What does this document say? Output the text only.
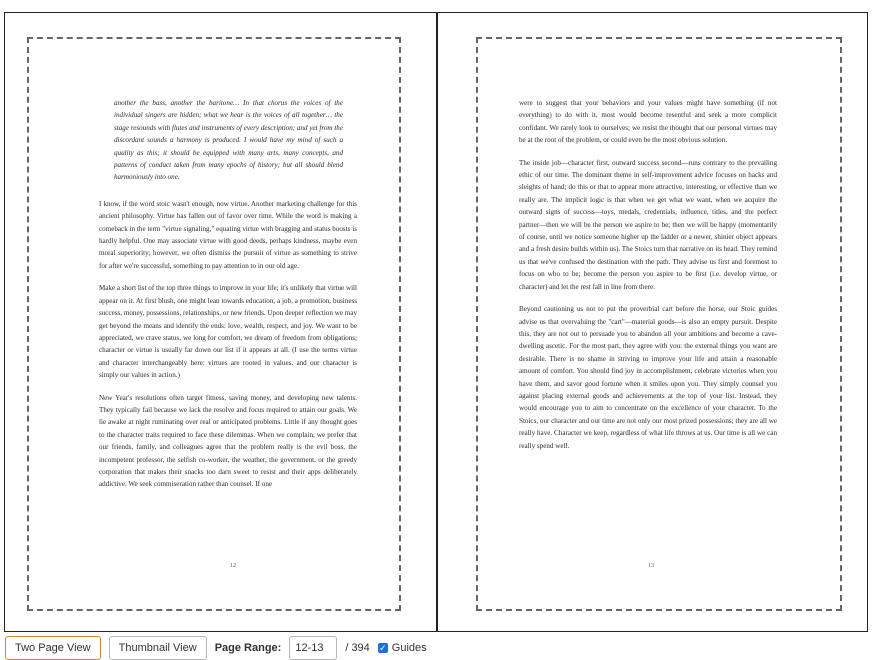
another the bass, another the baritone… In that chorus the voices of the individual singers are hidden; what we hear is the voices of all together… the stage resounds with flutes and instruments of every description; and yet from the discordant sounds a harmony is produced. I would have my mind of such a quality as this; it should be equipped with many arts, many concepts, and patterns of conduct taken from many epochs of history; but all should blend harmoniously into one.

I know, if the word stoic wasn't enough, now virtue. Another marketing challenge for this ancient philosophy. Virtue has fallen out of favor over time. While the word is making a comeback in the term "virtue signaling," equating virtue with bragging and status boosts is hardly helpful. One may associate virtue with good deeds, perhaps kindness, maybe even moral superiority; however, we often dismiss the pursuit of virtue as something to strive for after we're successful, something to pay attention to in our old age.

Make a short list of the top three things to improve in your life; it's unlikely that virtue will appear on it. At first blush, one might lean towards education, a job, a promotion, business success, money, possessions, relationships, or new friends. Upon deeper reflection we may get beyond the means and identify the ends: love, wealth, respect, and joy. We want to be appreciated, we crave status, we long for comfort, we dream of freedom from obligations; character or virtue is usually far down our list if it appears at all. (I use the terms virtue and character interchangeably here: virtues are rooted in values, and our character is simply our values in action.)

New Year's resolutions often target fitness, saving money, and developing new talents. They typically fail because we lack the resolve and focus required to attain our goals. We lie awake at night ruminating over real or anticipated problems. Little if any thought goes to the character traits required to face these dilemmas. When we complain, we prefer that our friends, family, and colleagues agree that the problem really is the evil boss, the incompetent professor, the selfish co-worker, the weather, the government, or the greedy corporation that makes their snacks too darn sweet to resist and their apps deliberately addictive. We seek commiseration rather than counsel. If one

12

were to suggest that your behaviors and your values might have something (if not everything) to do with it, most would become resentful and seek a more complicit confidant. We rarely look to ourselves; we resist the thought that our personal virtues may be at the root of the problem, or could even be the most obvious solution.

The inside job—character first, outward success second—runs contrary to the prevailing ethic of our time. The dominant theme in self-improvement advice focuses on hacks and sleights of hand; do this or that to appear more attractive, interesting, or effective than we really are. The implicit logic is that when we get what we want, when we acquire the outward signs of success—toys, medals, credentials, influence, titles, and the perfect partner—then we will be the person we aspire to be; then we will be happy (momentarily of course, until we notice someone higher up the ladder or a newer, shinier object appears and a fresh desire builds within us). The Stoics turn that narrative on its head. They remind us that we've confused the destination with the path. They advise us first and foremost to focus on who to be; become the person you aspire to be first (i.e. develop virtue, or character) and let the rest fall in line from there.

Beyond cautioning us not to put the proverbial cart before the horse, our Stoic guides advise us that overvaluing the "cart"—material goods—is also an empty pursuit. Despite this, they are not out to persuade you to abandon all your ambitions and become a cave-dwelling ascetic. For the most part, they agree with you: the external things you want are desirable. There is no shame in striving to improve your life and attain a reasonable amount of comfort. You should find joy in accomplishment, celebrate victories when you have them, and savor good fortune when it smiles upon you. They simply counsel you against placing external goods and achievements at the top of your list. Instead, they would encourage you to aim to concentrate on the excellence of your character. To the Stoics, our character and our time are not only our most prized possessions; they are all we really have. Character we keep, regardless of what life throws at us. Our time is all we can really spend well.

13
Two Page View	Thumbnail View	Page Range:
12-13	/ 394 ✓ Guides
